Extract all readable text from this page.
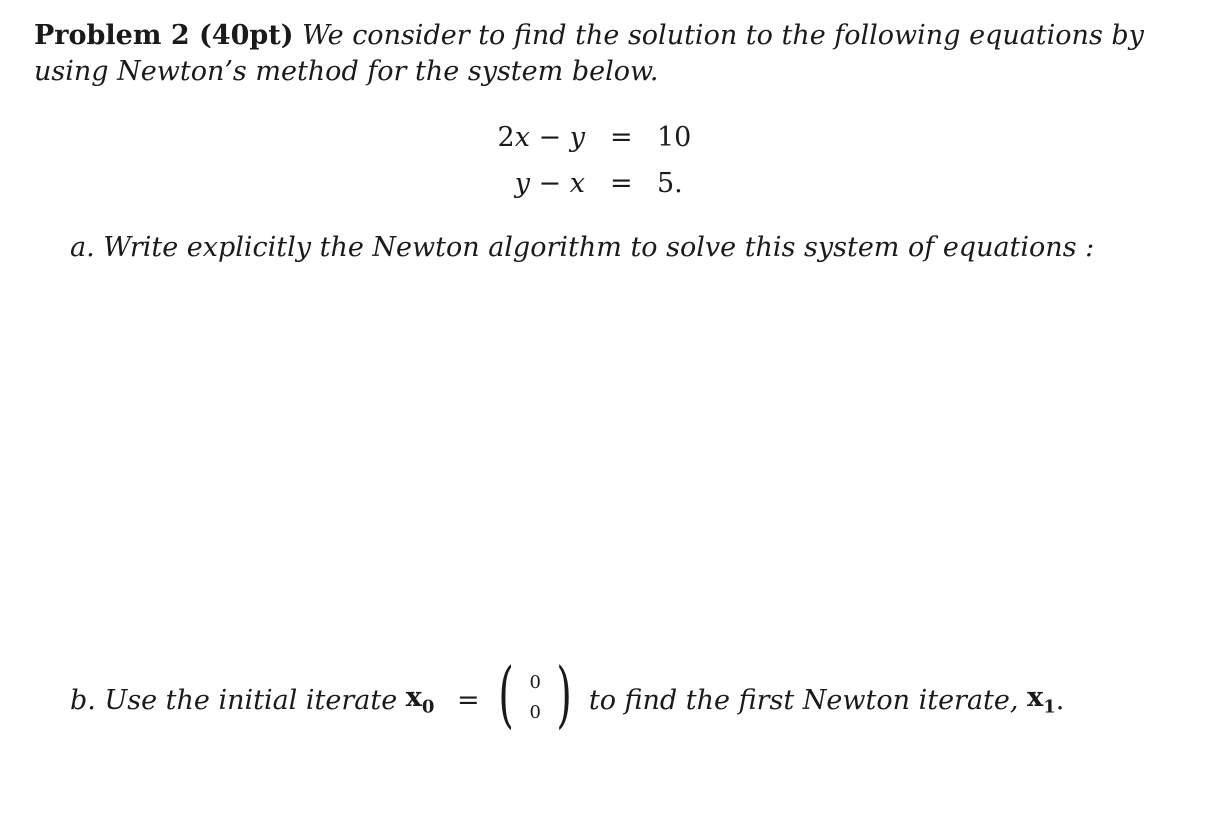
Problem 2 (40pt) We consider to find the solution to the following equations by using Newton’s method for the system below.
2x − y = 10
y − x = 5.
a. Write explicitly the Newton algorithm to solve this system of equations :
b. Use the initial iterate $x_0$ = ( 0
0 ) to find the first Newton iterate, $x_1$.
